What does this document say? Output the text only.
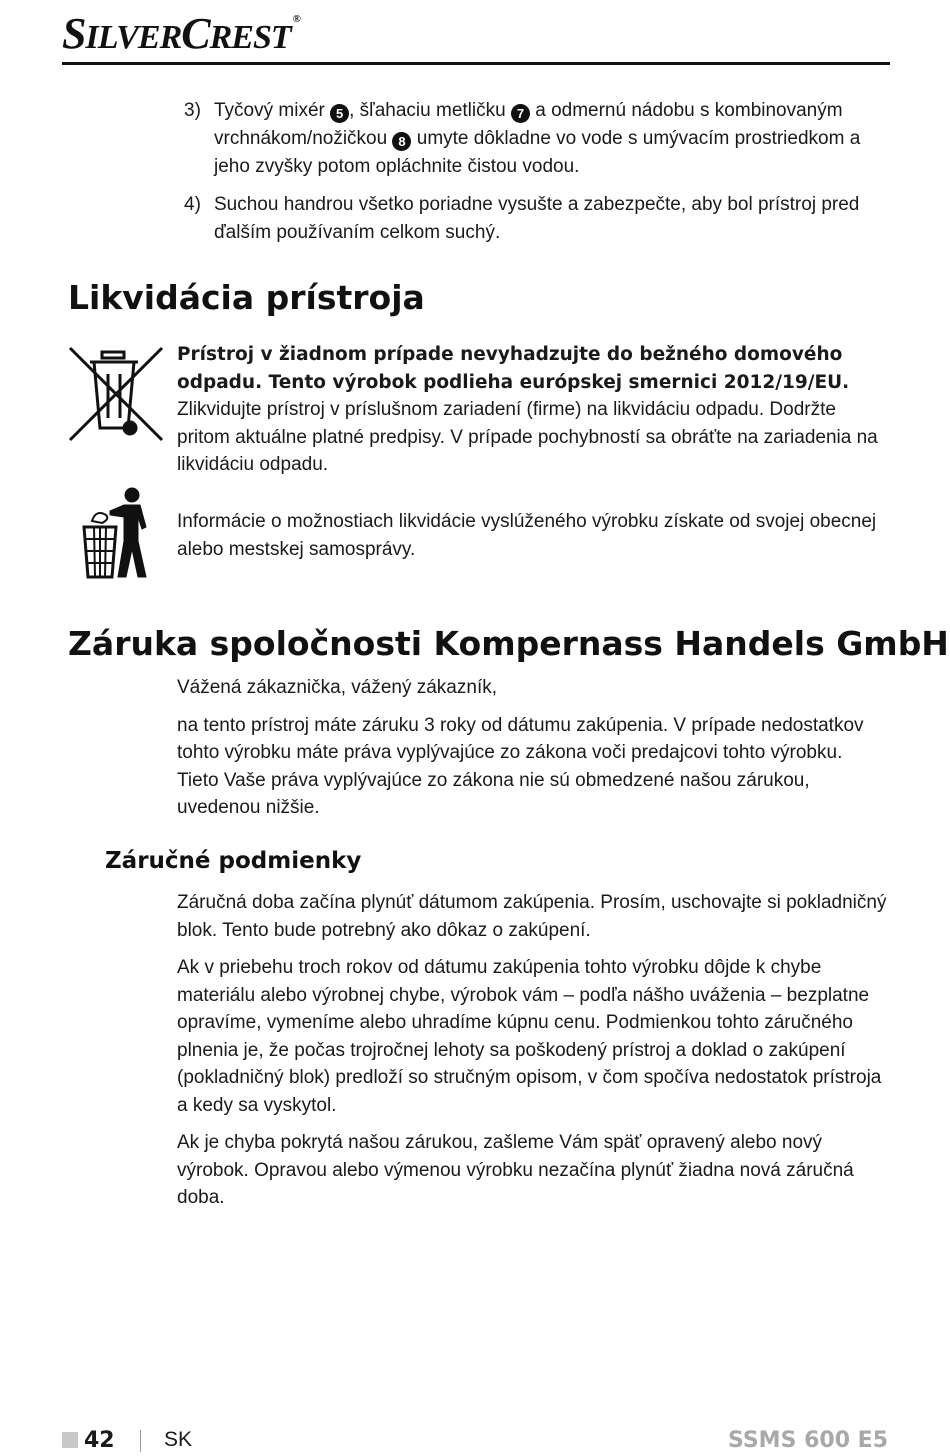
SILVERCREST ®
3) Tyčový mixér 5 , šľahaciu metličku 7 a odmernú nádobu s kombinovaným vrchnákom/nožičkou 8 umyte dôkladne vo vode s umývacím prostriedkom a jeho zvyšky potom opláchnite čistou vodou.
4) Suchou handrou všetko poriadne vysušte a zabezpečte, aby bol prístroj pred ďalším používaním celkom suchý.
Likvidácia prístroja
Prístroj v žiadnom prípade nevyhadzujte do bežného domového odpadu. Tento výrobok podlieha európskej smernici 2012/19/EU.
Zlikvidujte prístroj v príslušnom zariadení (firme) na likvidáciu odpadu. Dodržte pritom aktuálne platné predpisy. V prípade pochybností sa obráťte na zariadenia na likvidáciu odpadu.
Informácie o možnostiach likvidácie vyslúženého výrobku získate od svojej obecnej alebo mestskej samosprávy.
Záruka spoločnosti Kompernass Handels GmbH

Vážená zákaznička, vážený zákazník,

na tento prístroj máte záruku 3 roky od dátumu zakúpenia. V prípade nedostatkov tohto výrobku máte práva vyplývajúce zo zákona voči predajcovi tohto výrobku. Tieto Vaše práva vyplývajúce zo zákona nie sú obmedzené našou zárukou, uvedenou nižšie.

Záručné podmienky

Záručná doba začína plynúť dátumom zakúpenia. Prosím, uschovajte si pokladničný blok. Tento bude potrebný ako dôkaz o zakúpení.

Ak v priebehu troch rokov od dátumu zakúpenia tohto výrobku dôjde k chybe materiálu alebo výrobnej chybe, výrobok vám – podľa nášho uváženia – bezplatne opravíme, vymeníme alebo uhradíme kúpnu cenu. Podmienkou tohto záručného plnenia je, že počas trojročnej lehoty sa poškodený prístroj a doklad o zakúpení (pokladničný blok) predloží so stručným opisom, v čom spočíva nedostatok prístroja a kedy sa vyskytol.

Ak je chyba pokrytá našou zárukou, zašleme Vám späť opravený alebo nový výrobok. Opravou alebo výmenou výrobku nezačína plynúť žiadna nová záručná doba.

42 SK	SSMS 600 E5
